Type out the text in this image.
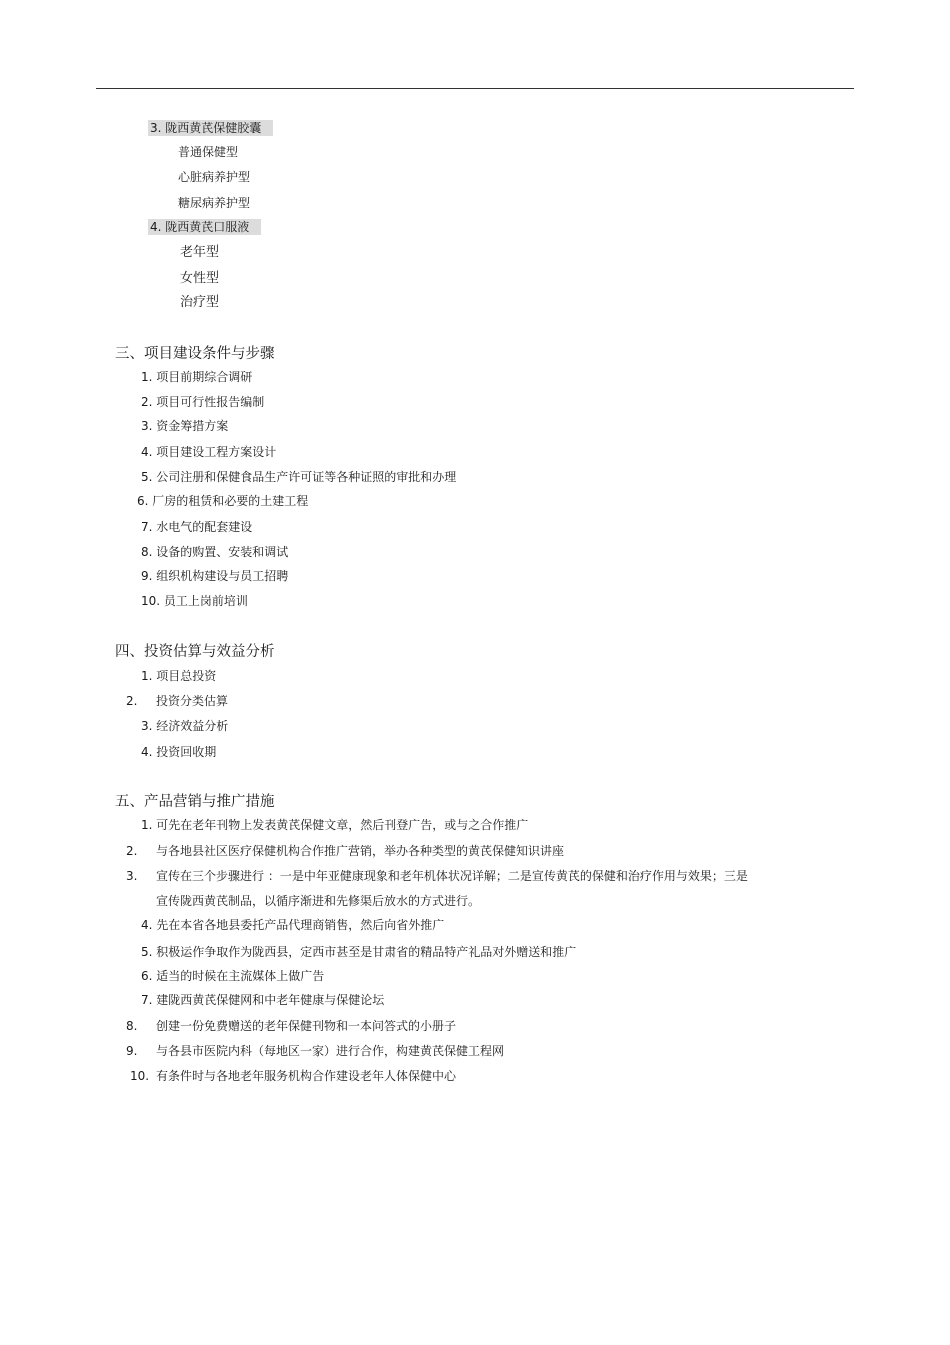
3. 陇西黄芪保健胶囊
普通保健型
心脏病养护型
糖尿病养护型
4. 陇西黄芪口服液
老年型
女性型
治疗型
三、项目建设条件与步骤
1. 项目前期综合调研
2. 项目可行性报告编制
3. 资金筹措方案
4. 项目建设工程方案设计
5. 公司注册和保健食品生产许可证等各种证照的审批和办理
6. 厂房的租赁和必要的土建工程
7. 水电气的配套建设
8. 设备的购置、安装和调试
9. 组织机构建设与员工招聘
10. 员工上岗前培训
四、投资估算与效益分析
1. 项目总投资
2. 投资分类估算
3. 经济效益分析
4. 投资回收期
五、产品营销与推广措施
1. 可先在老年刊物上发表黄芪保健文章，然后刊登广告，或与之合作推广
2. 与各地县社区医疗保健机构合作推广营销，举办各种类型的黄芪保健知识讲座
3. 宣传在三个步骤进行 ：一是中年亚健康现象和老年机体状况详解；二是宣传黄芪的保健和治疗作用与效果；三是
宣传陇西黄芪制品，以循序渐进和先修渠后放水的方式进行。
4. 先在本省各地县委托产品代理商销售，然后向省外推广
5. 积极运作争取作为陇西县，定西市甚至是甘肃省的精品特产礼品对外赠送和推广
6. 适当的时候在主流媒体上做广告
7. 建陇西黄芪保健网和中老年健康与保健论坛
8. 创建一份免费赠送的老年保健刊物和一本问答式的小册子
9. 与各县市医院内科（每地区一家）进行合作，构建黄芪保健工程网
10. 有条件时与各地老年服务机构合作建设老年人体保健中心
